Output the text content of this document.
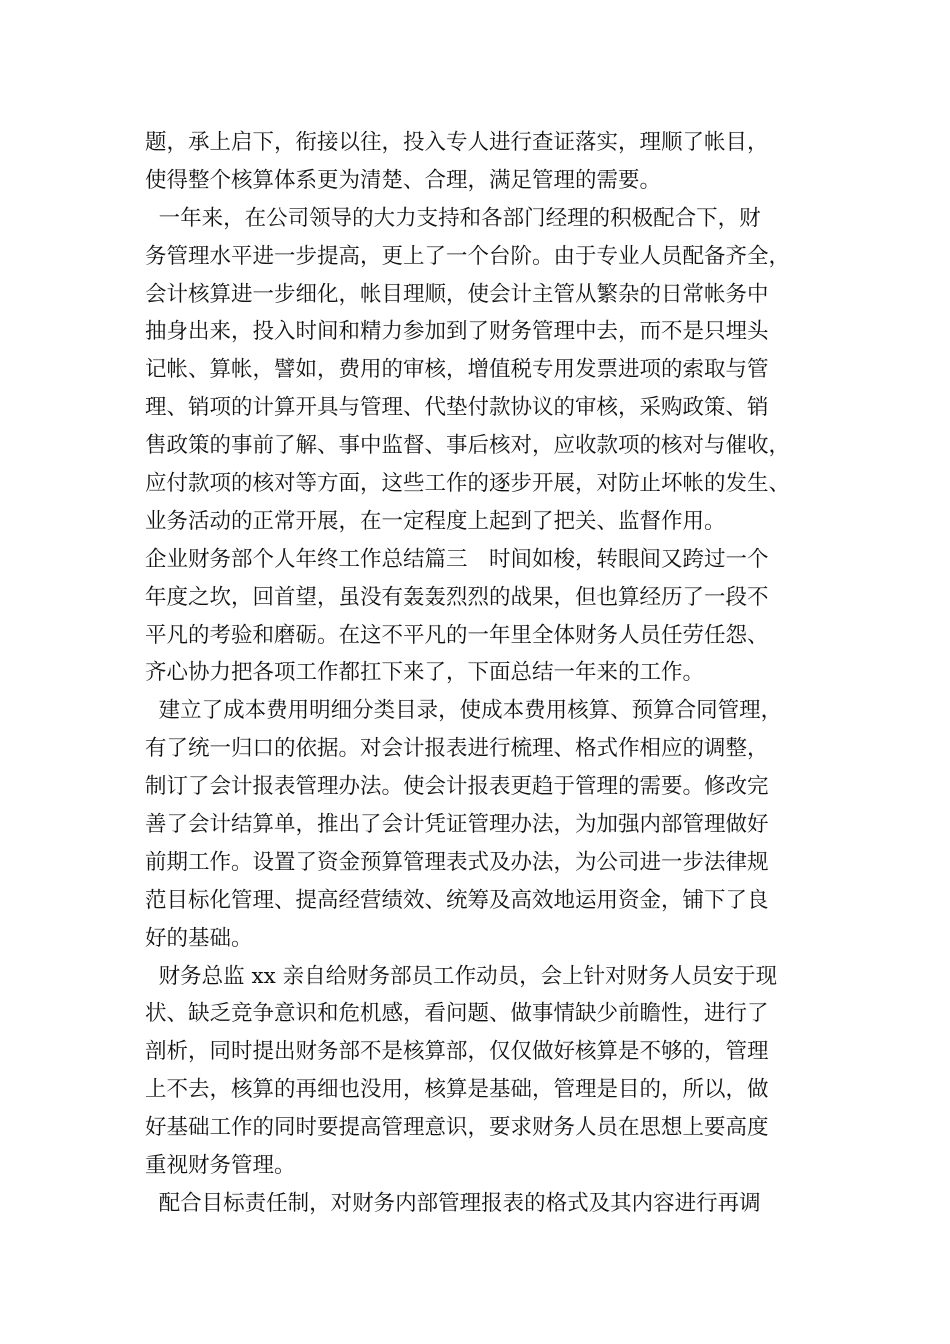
题，承上启下，衔接以往，投入专人进行查证落实，理顺了帐目，
使得整个核算体系更为清楚、合理，满足管理的需要。
一年来，在公司领导的大力支持和各部门经理的积极配合下，财
务管理水平进一步提高，更上了一个台阶。由于专业人员配备齐全，
会计核算进一步细化，帐目理顺，使会计主管从繁杂的日常帐务中
抽身出来，投入时间和精力参加到了财务管理中去，而不是只埋头
记帐、算帐，譬如，费用的审核，增值税专用发票进项的索取与管
理、销项的计算开具与管理、代垫付款协议的审核，采购政策、销
售政策的事前了解、事中监督、事后核对，应收款项的核对与催收，
应付款项的核对等方面，这些工作的逐步开展，对防止坏帐的发生、
业务活动的正常开展，在一定程度上起到了把关、监督作用。
企业财务部个人年终工作总结篇三　时间如梭，转眼间又跨过一个
年度之坎，回首望，虽没有轰轰烈烈的战果，但也算经历了一段不
平凡的考验和磨砺。在这不平凡的一年里全体财务人员任劳任怨、
齐心协力把各项工作都扛下来了，下面总结一年来的工作。
建立了成本费用明细分类目录，使成本费用核算、预算合同管理，
有了统一归口的依据。对会计报表进行梳理、格式作相应的调整，
制订了会计报表管理办法。使会计报表更趋于管理的需要。修改完
善了会计结算单，推出了会计凭证管理办法，为加强内部管理做好
前期工作。设置了资金预算管理表式及办法，为公司进一步法律规
范目标化管理、提高经营绩效、统筹及高效地运用资金，铺下了良
好的基础。
财务总监 xx 亲自给财务部员工作动员，会上针对财务人员安于现
状、缺乏竞争意识和危机感，看问题、做事情缺少前瞻性，进行了
剖析，同时提出财务部不是核算部，仅仅做好核算是不够的，管理
上不去，核算的再细也没用，核算是基础，管理是目的，所以，做
好基础工作的同时要提高管理意识，要求财务人员在思想上要高度
重视财务管理。
配合目标责任制，对财务内部管理报表的格式及其内容进行再调
